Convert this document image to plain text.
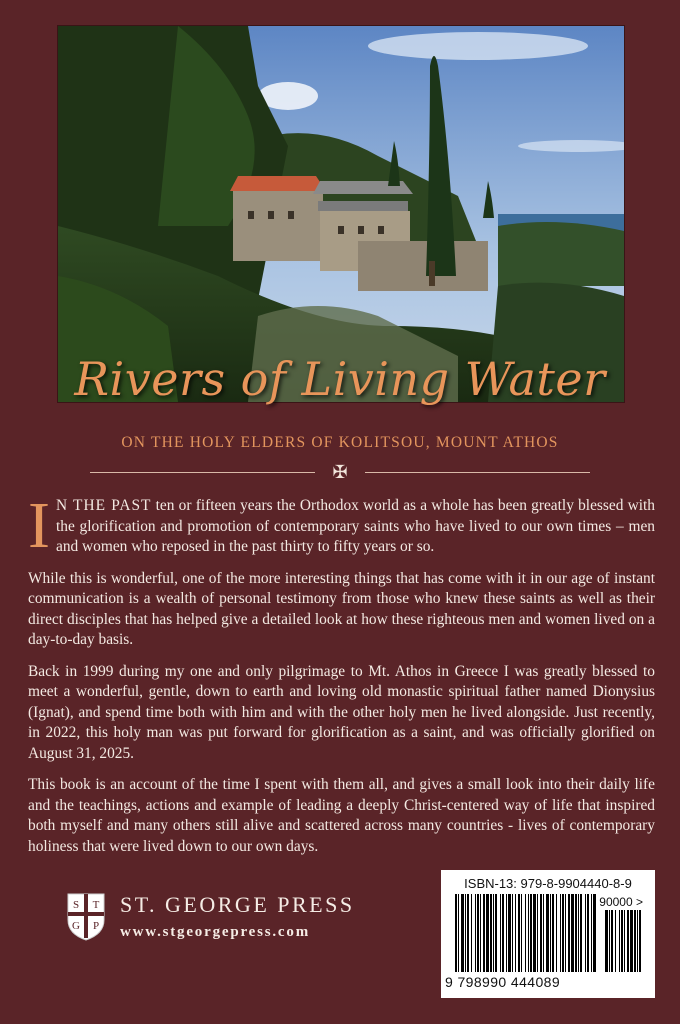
Rivers of Living Water
ON THE HOLY ELDERS OF KOLITSOU, MOUNT ATHOS
✠

I N THE PAST ten or fifteen years the Orthodox world as a whole has been greatly blessed with the glorification and promotion of contemporary saints who have lived to our own times – men and women who reposed in the past thirty to fifty years or so.

While this is wonderful, one of the more interesting things that has come with it in our age of instant communication is a wealth of personal testimony from those who knew these saints as well as their direct disciples that has helped give a detailed look at how these righteous men and women lived on a day-to-day basis.

Back in 1999 during my one and only pilgrimage to Mt. Athos in Greece I was greatly blessed to meet a wonderful, gentle, down to earth and loving old monastic spiritual father named Dionysius (Ignat), and spend time both with him and with the other holy men he lived alongside. Just recently, in 2022, this holy man was put forward for glorification as a saint, and was officially glorified on August 31, 2025.

This book is an account of the time I spent with them all, and gives a small look into their daily life and the teachings, actions and example of leading a deeply Christ-centered way of life that inspired both myself and many others still alive and scattered across many countries - lives of contemporary holiness that were lived down to our own days.

S T
G P
ST. GEORGE PRESS
www.stgeorgepress.com
ISBN-13: 979-8-9904440-8-9
90000 >
9 798990 444089
